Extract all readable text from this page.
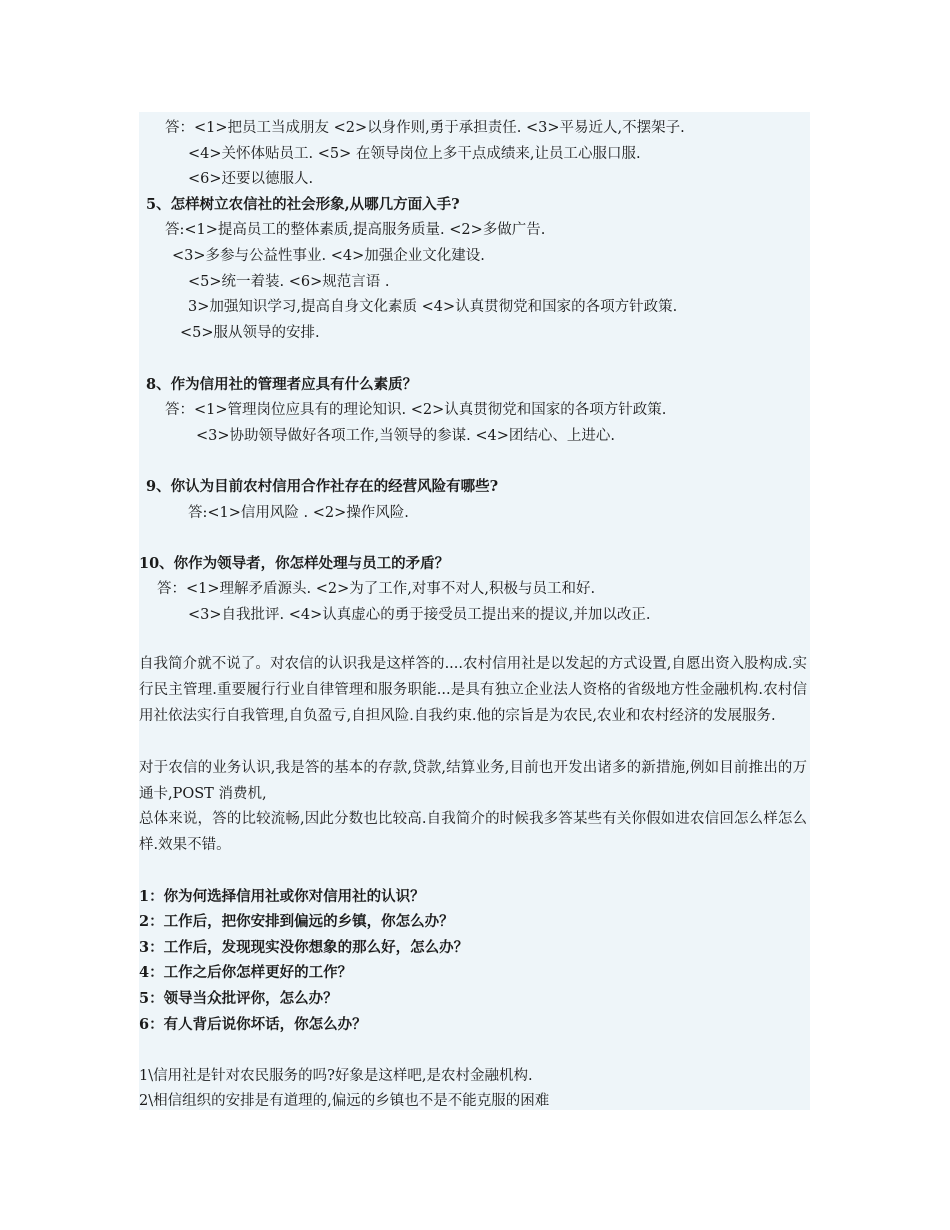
答：<1>把员工当成朋友 <2>以身作则,勇于承担责任. <3>平易近人,不摆架子.
<4>关怀体贴员工. <5> 在领导岗位上多干点成绩来,让员工心服口服.
<6>还要以德服人.
5、怎样树立农信社的社会形象,从哪几方面入手?
答:<1>提高员工的整体素质,提高服务质量. <2>多做广告.
<3>多参与公益性事业. <4>加强企业文化建设.
<5>统一着装. <6>规范言语 .
3>加强知识学习,提高自身文化素质 <4>认真贯彻党和国家的各项方针政策.
<5>服从领导的安排.
8、作为信用社的管理者应具有什么素质？
答：<1>管理岗位应具有的理论知识. <2>认真贯彻党和国家的各项方针政策.
<3>协助领导做好各项工作,当领导的参谋. <4>团结心、上进心.
9、你认为目前农村信用合作社存在的经营风险有哪些?
答:<1>信用风险 . <2>操作风险.
10、你作为领导者，你怎样处理与员工的矛盾？
答：<1>理解矛盾源头. <2>为了工作,对事不对人,积极与员工和好.
<3>自我批评. <4>认真虚心的勇于接受员工提出来的提议,并加以改正.
自我简介就不说了。对农信的认识我是这样答的....农村信用社是以发起的方式设置,自愿出资入股构成.实行民主管理.重要履行行业自律管理和服务职能...是具有独立企业法人资格的省级地方性金融机构.农村信用社依法实行自我管理,自负盈亏,自担风险.自我约束.他的宗旨是为农民,农业和农村经济的发展服务.
对于农信的业务认识,我是答的基本的存款,贷款,结算业务,目前也开发出诸多的新措施,例如目前推出的万通卡,POST 消费机,
总体来说，答的比较流畅,因此分数也比较高.自我简介的时候我多答某些有关你假如进农信回怎么样怎么样.效果不错。
1：你为何选择信用社或你对信用社的认识？
2：工作后，把你安排到偏远的乡镇，你怎么办？
3：工作后，发现现实没你想象的那么好，怎么办？
4：工作之后你怎样更好的工作？
5：领导当众批评你，怎么办？
6：有人背后说你坏话，你怎么办？
1\信用社是针对农民服务的吗?好象是这样吧,是农村金融机构.
2\相信组织的安排是有道理的,偏远的乡镇也不是不能克服的困难
